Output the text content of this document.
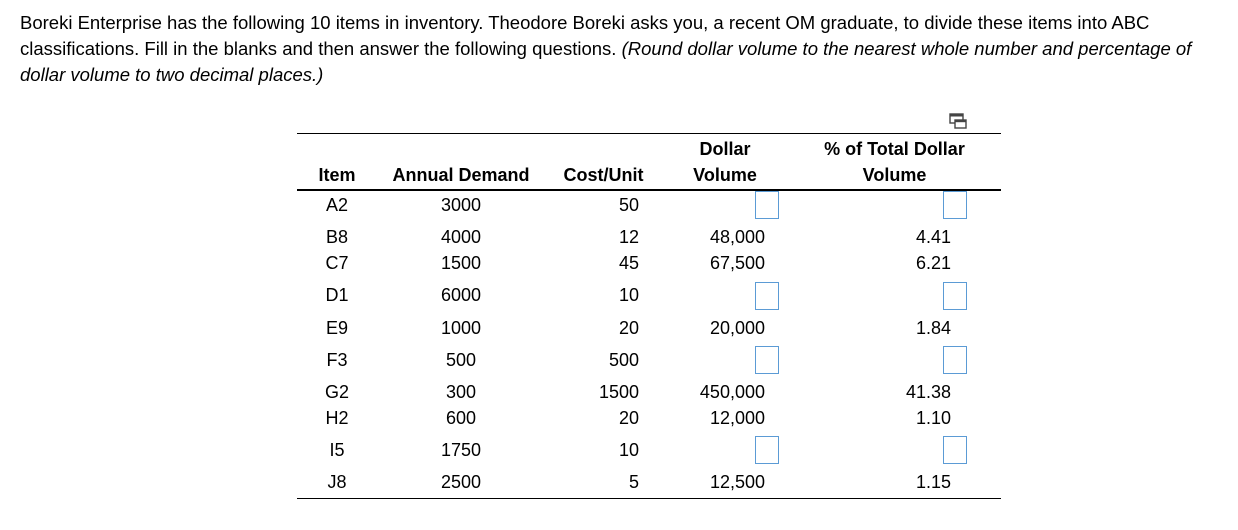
Boreki Enterprise has the following 10 items in inventory. Theodore Boreki asks you, a recent OM graduate, to divide these items into ABC classifications. Fill in the blanks and then answer the following questions. (Round dollar volume to the nearest whole number and percentage of dollar volume to two decimal places.)

			Dollar	% of Total Dollar
Item	Annual Demand	Cost/Unit	Volume	Volume
A2	3000	50		
B8	4000	12	48,000	4.41
C7	1500	45	67,500	6.21
D1	6000	10		
E9	1000	20	20,000	1.84
F3	500	500		
G2	300	1500	450,000	41.38
H2	600	20	12,000	1.10
I5	1750	10		
J8	2500	5	12,500	1.15
